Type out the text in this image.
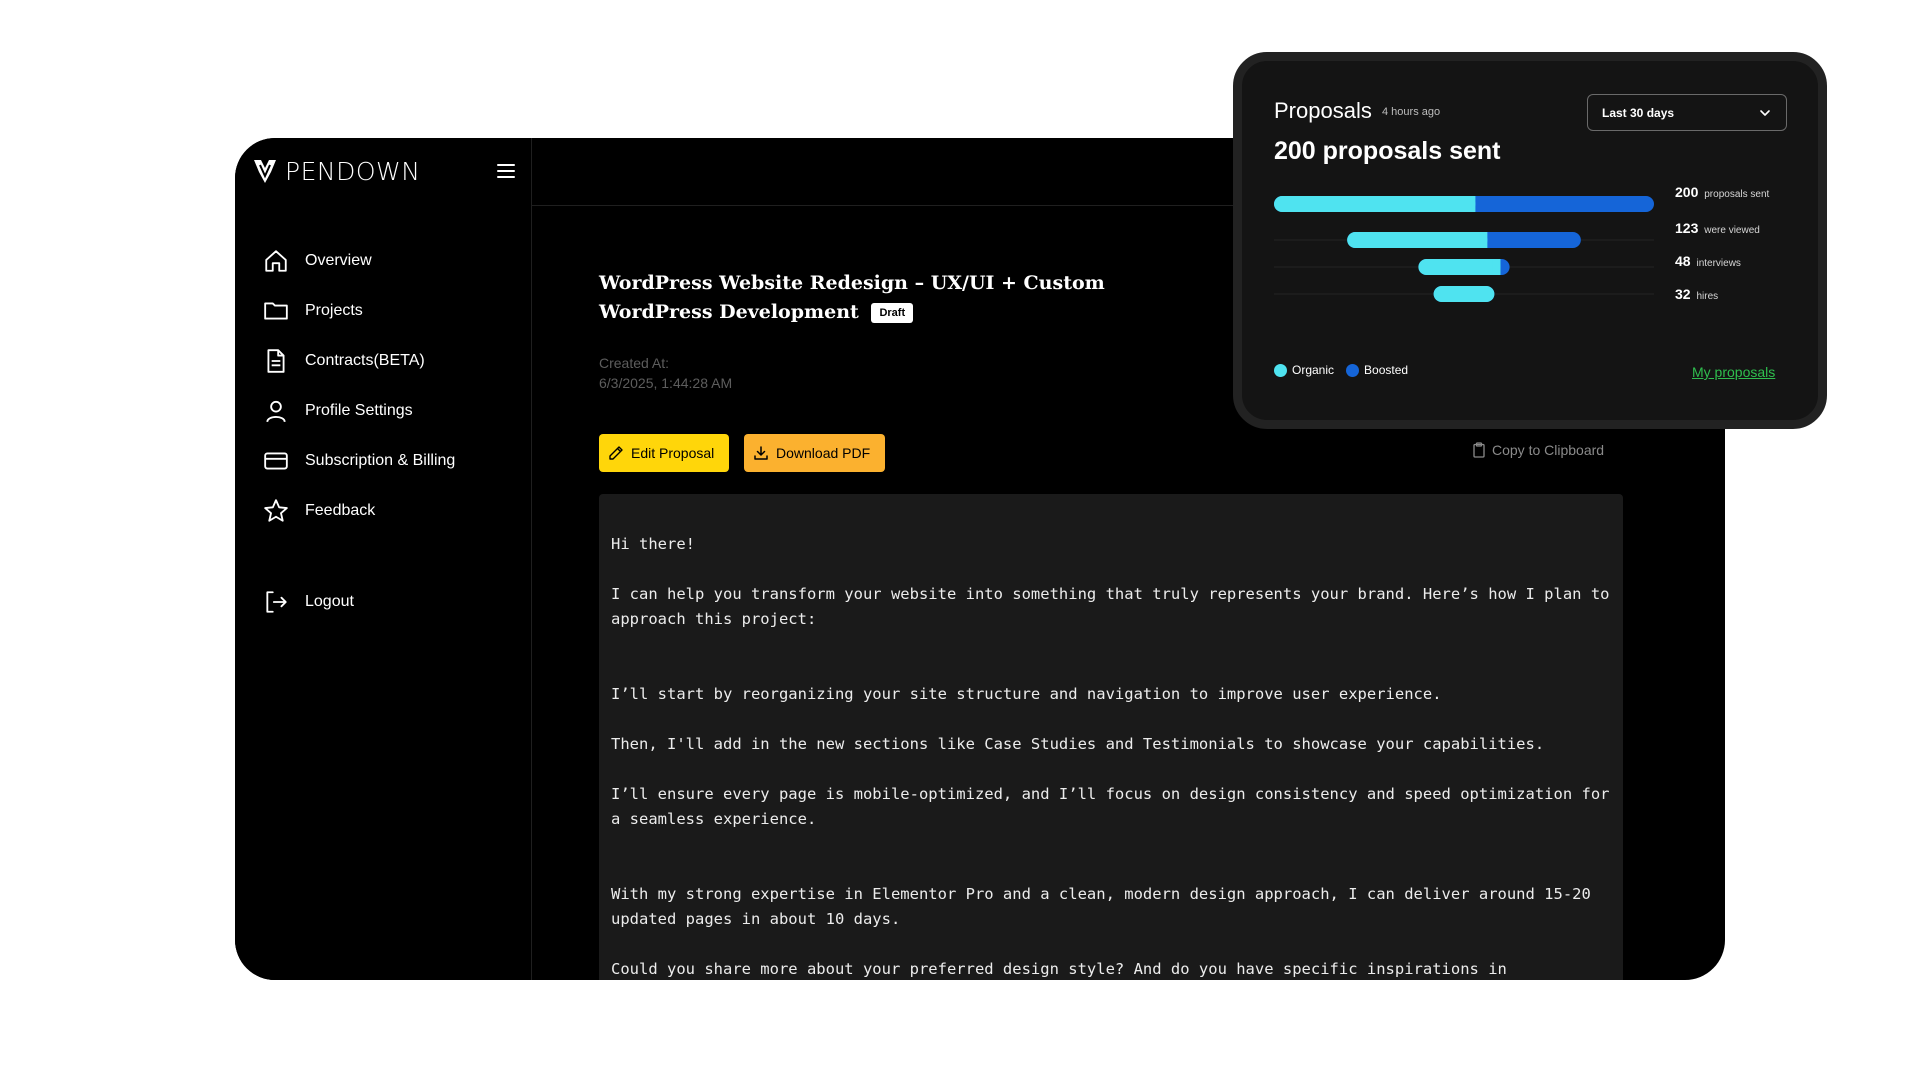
PENDOWN
Overview
Projects
Contracts(BETA)
Profile Settings
Subscription & Billing
Feedback
Logout
WordPress Website Redesign – UX/UI + Custom WordPress Development Draft
Created At:
6/3/2025, 1:44:28 AM
Edit Proposal	Download PDF	Copy to Clipboard

Hi there!

I can help you transform your website into something that truly represents your brand. Here’s how I plan to approach this project:

I’ll start by reorganizing your site structure and navigation to improve user experience.

Then, I'll add in the new sections like Case Studies and Testimonials to showcase your capabilities.

I’ll ensure every page is mobile-optimized, and I’ll focus on design consistency and speed optimization for a seamless experience.

With my strong expertise in Elementor Pro and a clean, modern design approach, I can deliver around 15-20 updated pages in about 10 days.

Could you share more about your preferred design style? And do you have specific inspirations in

Proposals 4 hours ago
200 proposals sent
Last 30 days
200 proposals sent
123 were viewed
48 interviews
32 hires
Organic	Boosted	My proposals
